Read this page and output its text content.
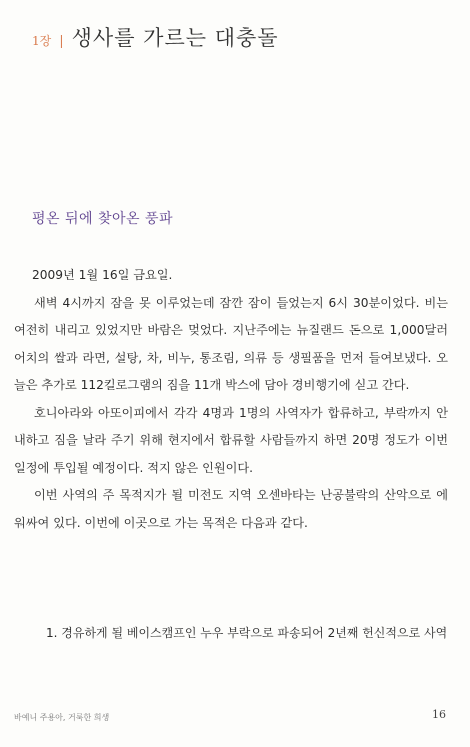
1장 | 생사를 가르는 대충돌
평온 뒤에 찾아온 풍파

2009년 1월 16일 금요일.

새벽 4시까지 잠을 못 이루었는데 잠깐 잠이 들었는지 6시 30분이었다. 비는 여전히 내리고 있었지만 바람은 멎었다. 지난주에는 뉴질랜드 돈으로 1,000달러어치의 쌀과 라면, 설탕, 차, 비누, 통조림, 의류 등 생필품을 먼저 들여보냈다. 오늘은 추가로 112킬로그램의 짐을 11개 박스에 담아 경비행기에 싣고 간다.

호니아라와 아또이피에서 각각 4명과 1명의 사역자가 합류하고, 부락까지 안내하고 짐을 날라 주기 위해 현지에서 합류할 사람들까지 하면 20명 정도가 이번 일정에 투입될 예정이다. 적지 않은 인원이다.

이번 사역의 주 목적지가 될 미전도 지역 오센바타는 난공불락의 산악으로 에워싸여 있다. 이번에 이곳으로 가는 목적은 다음과 같다.

1. 경유하게 될 베이스캠프인 누우 부락으로 파송되어 2년째 헌신적으로 사역
바예니 주용아, 거룩한 희생	16
